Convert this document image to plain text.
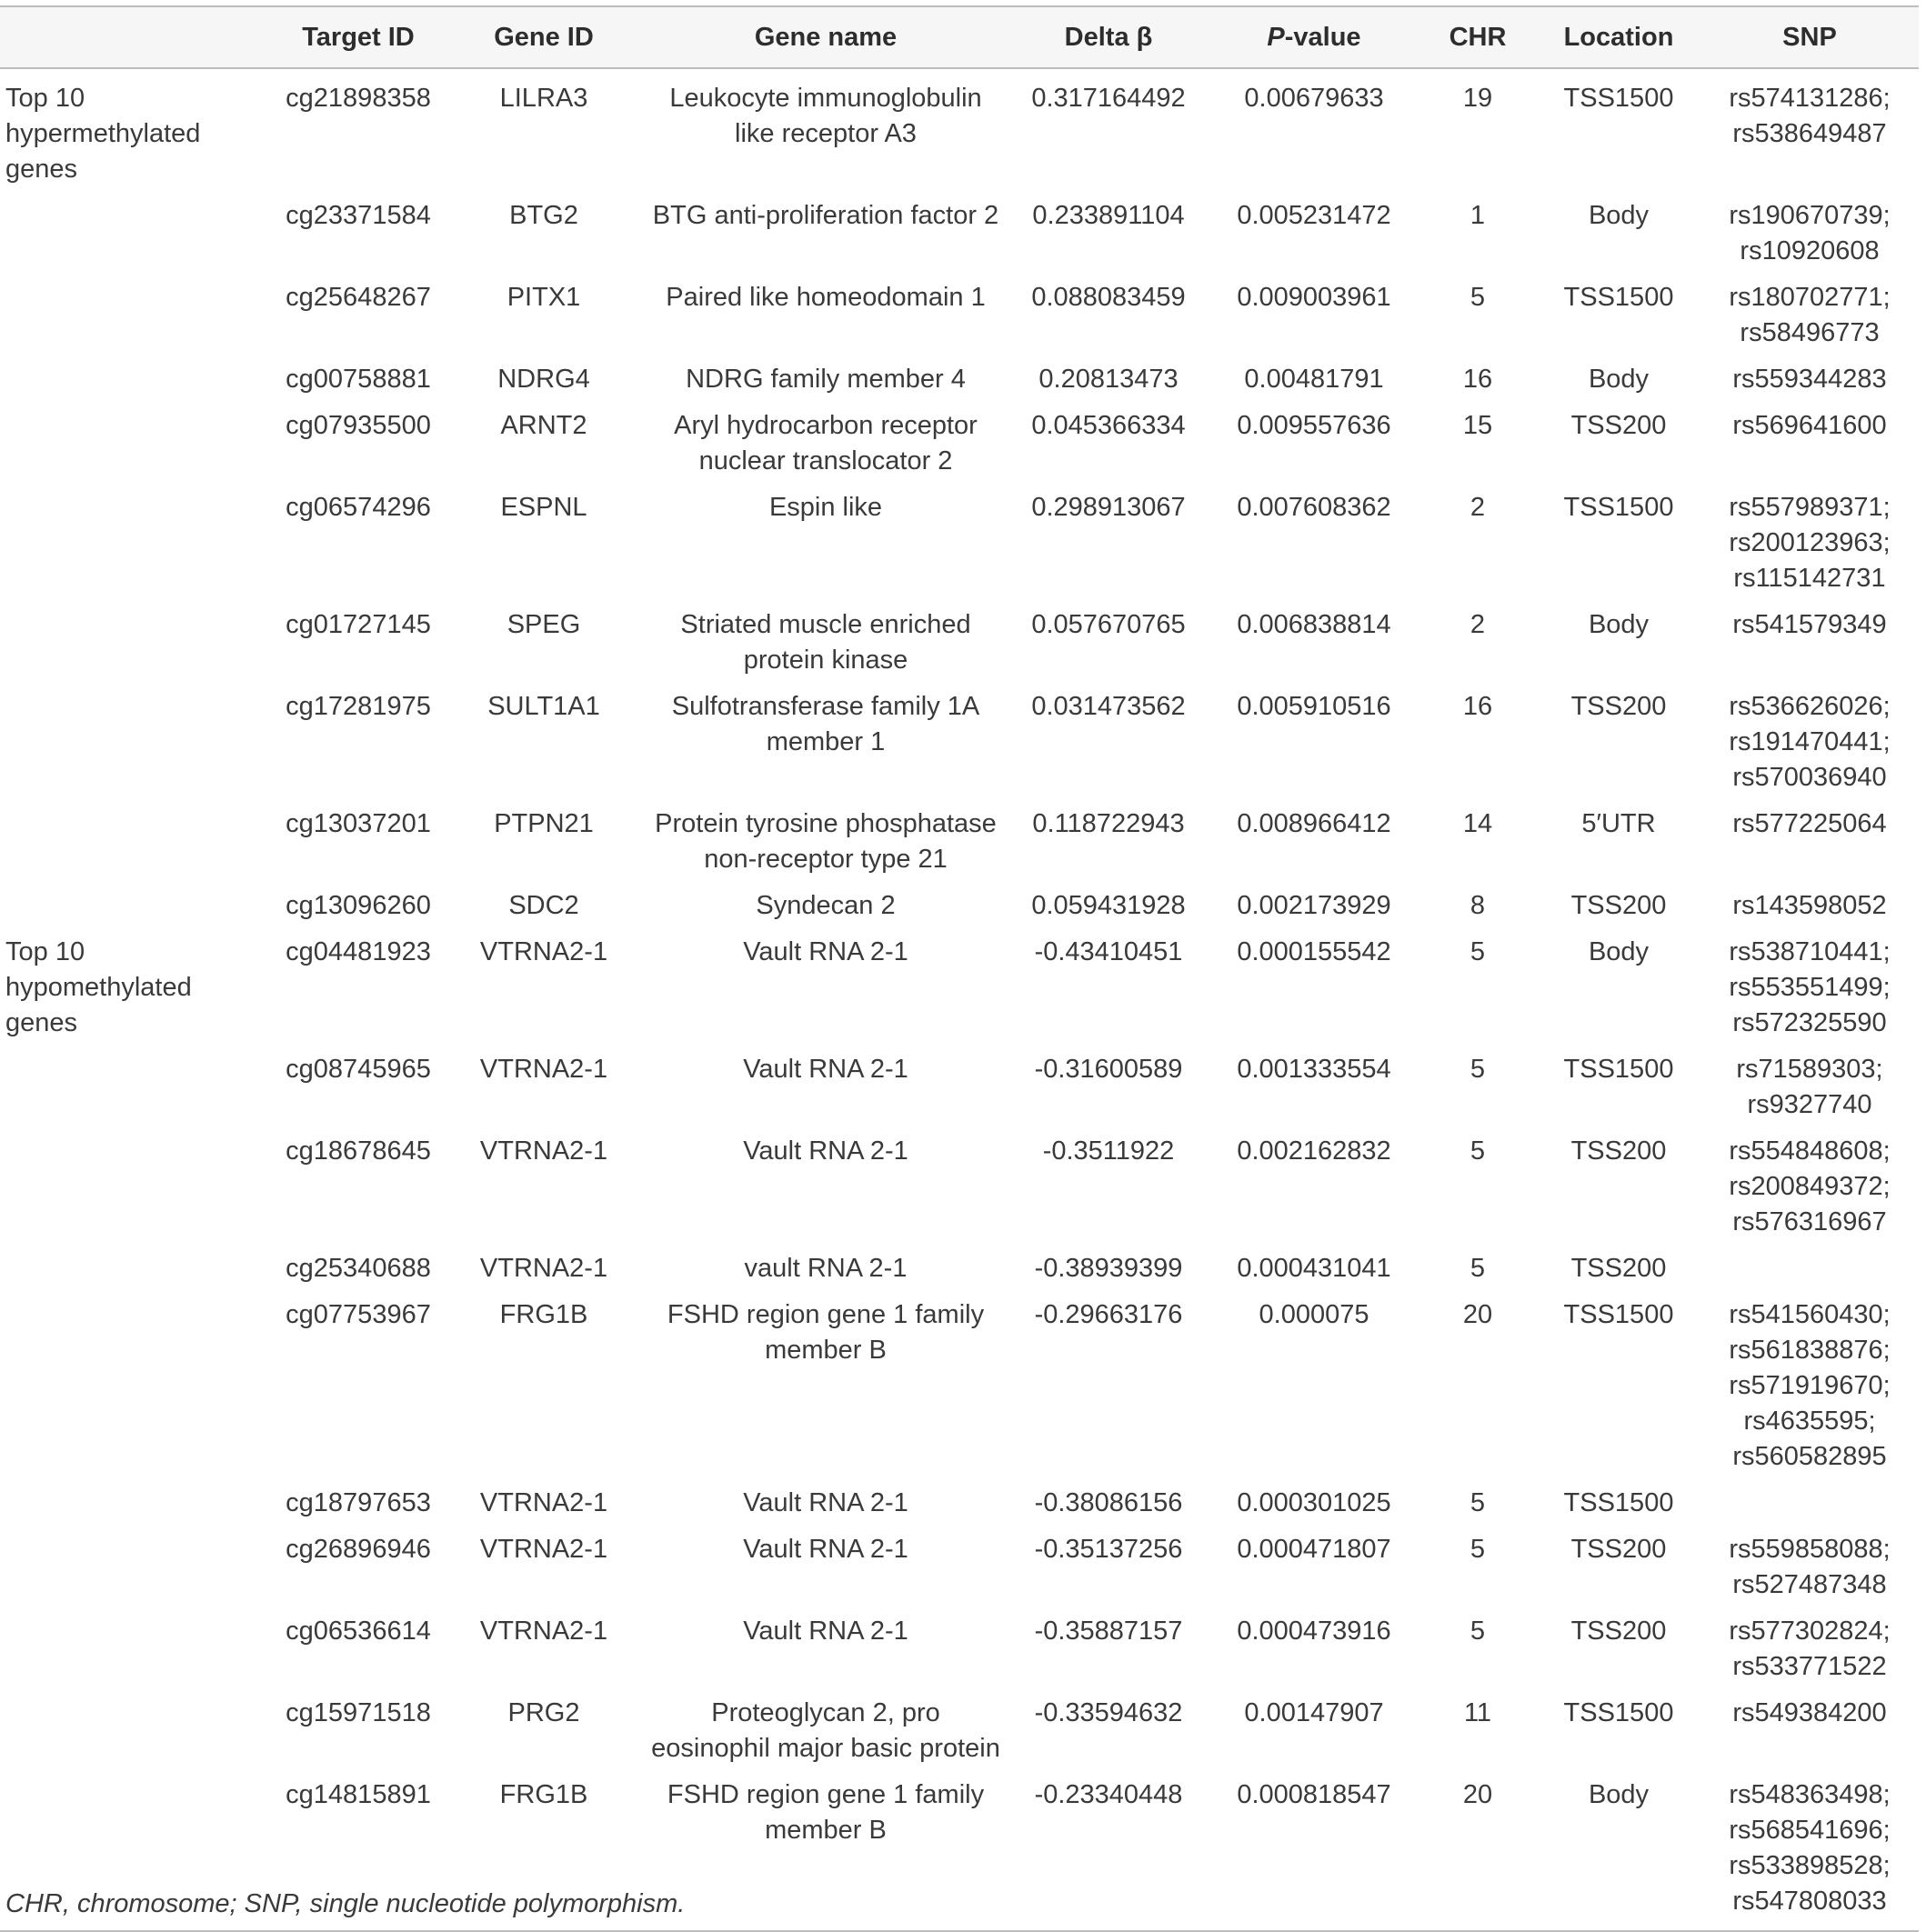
	Target ID	Gene ID	Gene name	Delta β	P-value	CHR	Location	SNP
Top 10
hypermethylated
genes	cg21898358	LILRA3	Leukocyte immunoglobulin
like receptor A3	0.317164492	0.00679633	19	TSS1500	rs574131286;
rs538649487
	cg23371584	BTG2	BTG anti-proliferation factor 2	0.233891104	0.005231472	1	Body	rs190670739;
rs10920608
	cg25648267	PITX1	Paired like homeodomain 1	0.088083459	0.009003961	5	TSS1500	rs180702771;
rs58496773
	cg00758881	NDRG4	NDRG family member 4	0.20813473	0.00481791	16	Body	rs559344283
	cg07935500	ARNT2	Aryl hydrocarbon receptor
nuclear translocator 2	0.045366334	0.009557636	15	TSS200	rs569641600
	cg06574296	ESPNL	Espin like	0.298913067	0.007608362	2	TSS1500	rs557989371;
rs200123963;
rs115142731
	cg01727145	SPEG	Striated muscle enriched
protein kinase	0.057670765	0.006838814	2	Body	rs541579349
	cg17281975	SULT1A1	Sulfotransferase family 1A
member 1	0.031473562	0.005910516	16	TSS200	rs536626026;
rs191470441;
rs570036940
	cg13037201	PTPN21	Protein tyrosine phosphatase
non-receptor type 21	0.118722943	0.008966412	14	5′UTR	rs577225064
	cg13096260	SDC2	Syndecan 2	0.059431928	0.002173929	8	TSS200	rs143598052
Top 10
hypomethylated
genes	cg04481923	VTRNA2-1	Vault RNA 2-1	-0.43410451	0.000155542	5	Body	rs538710441;
rs553551499;
rs572325590
	cg08745965	VTRNA2-1	Vault RNA 2-1	-0.31600589	0.001333554	5	TSS1500	rs71589303;
rs9327740
	cg18678645	VTRNA2-1	Vault RNA 2-1	-0.3511922	0.002162832	5	TSS200	rs554848608;
rs200849372;
rs576316967
	cg25340688	VTRNA2-1	vault RNA 2-1	-0.38939399	0.000431041	5	TSS200	
	cg07753967	FRG1B	FSHD region gene 1 family
member B	-0.29663176	0.000075	20	TSS1500	rs541560430;
rs561838876;
rs571919670;
rs4635595;
rs560582895
	cg18797653	VTRNA2-1	Vault RNA 2-1	-0.38086156	0.000301025	5	TSS1500	
	cg26896946	VTRNA2-1	Vault RNA 2-1	-0.35137256	0.000471807	5	TSS200	rs559858088;
rs527487348
	cg06536614	VTRNA2-1	Vault RNA 2-1	-0.35887157	0.000473916	5	TSS200	rs577302824;
rs533771522
	cg15971518	PRG2	Proteoglycan 2, pro
eosinophil major basic protein	-0.33594632	0.00147907	11	TSS1500	rs549384200
	cg14815891	FRG1B	FSHD region gene 1 family
member B	-0.23340448	0.000818547	20	Body	rs548363498;
rs568541696;
rs533898528;
rs547808033
CHR, chromosome; SNP, single nucleotide polymorphism.
